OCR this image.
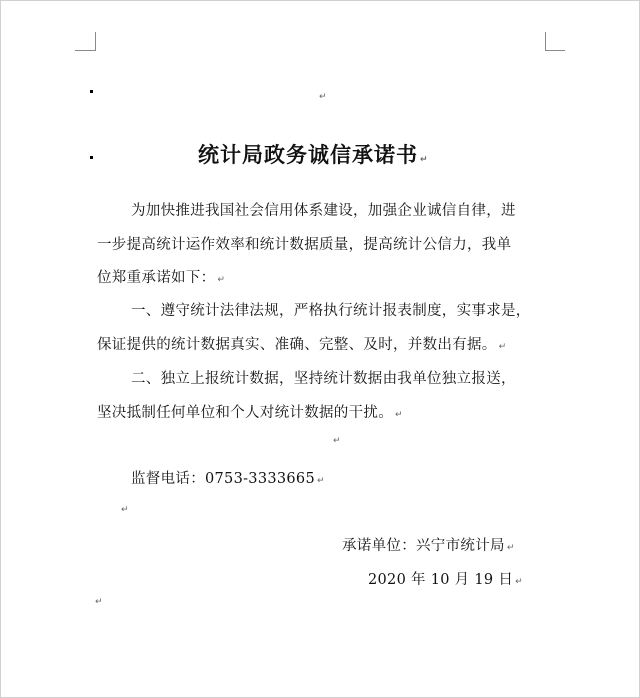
↵
统计局政务诚信承诺书 ↵
为加快推进我国社会信用体系建设，加强企业诚信自律，进
一步提高统计运作效率和统计数据质量，提高统计公信力，我单
位郑重承诺如下： ↵
一、遵守统计法律法规，严格执行统计报表制度，实事求是，
保证提供的统计数据真实、准确、完整、及时，并数出有据。 ↵
二、独立上报统计数据，坚持统计数据由我单位独立报送，
坚决抵制任何单位和个人对统计数据的干扰。 ↵
↵
监督电话：0753-3333665 ↵
↵
承诺单位：兴宁市统计局 ↵
2020 年 10 月 19 日 ↵
↵
